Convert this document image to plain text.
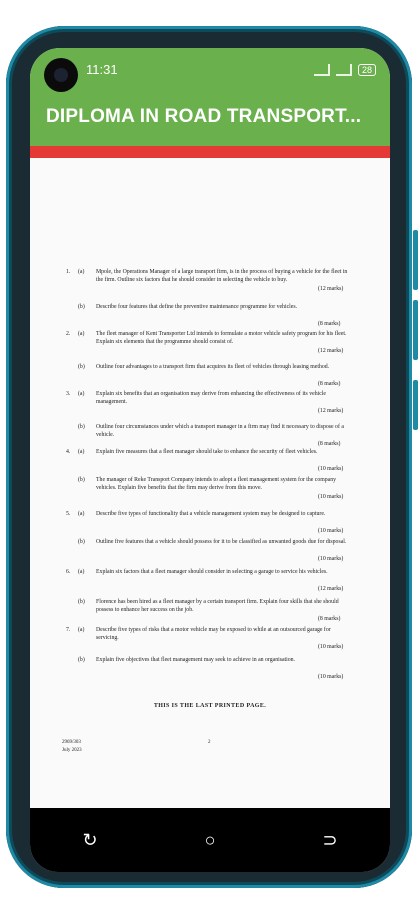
11:31	28
DIPLOMA IN ROAD TRANSPORT...
THIS IS THE LAST PRINTED PAGE.
2969/303
July 2023
2
1.	(a)	Mpole, the Operations Manager of a large transport firm, is in the process of buying a vehicle for the fleet in the firm. Outline six factors that he should consider in selecting the vehicle to buy.
(12 marks)
(b)	Describe four features that define the preventive maintenance programme for vehicles.
(8 marks)
2.	(a)	The fleet manager of Kent Transporter Ltd intends to formulate a motor vehicle safety program for his fleet. Explain six elements that the programme should consist of.
(12 marks)
(b)	Outline four advantages to a transport firm that acquires its fleet of vehicles through leasing method.
(8 marks)
3.	(a)	Explain six benefits that an organisation may derive from enhancing the effectiveness of its vehicle management.
(12 marks)
(b)	Outline four circumstances under which a transport manager in a firm may find it necessary to dispose of a vehicle.
(8 marks)
4.	(a)	Explain five measures that a fleet manager should take to enhance the security of fleet vehicles.
(10 marks)
(b)	The manager of Reke Transport Company intends to adopt a fleet management system for the company vehicles. Explain five benefits that the firm may derive from this move.
(10 marks)
5.	(a)	Describe five types of functionality that a vehicle management system may be designed to capture.
(10 marks)
(b)	Outline five features that a vehicle should possess for it to be classified as unwanted goods due for disposal.
(10 marks)
6.	(a)	Explain six factors that a fleet manager should consider in selecting a garage to service his vehicles.
(12 marks)
(b)	Florence has been hired as a fleet manager by a certain transport firm. Explain four skills that she should possess to enhance her success on the job.
(8 marks)
7.	(a)	Describe five types of risks that a motor vehicle may be exposed to while at an outsourced garage for servicing.
(10 marks)
(b)	Explain five objectives that fleet management may seek to achieve in an organisation.
(10 marks)
↻	○	⊃
